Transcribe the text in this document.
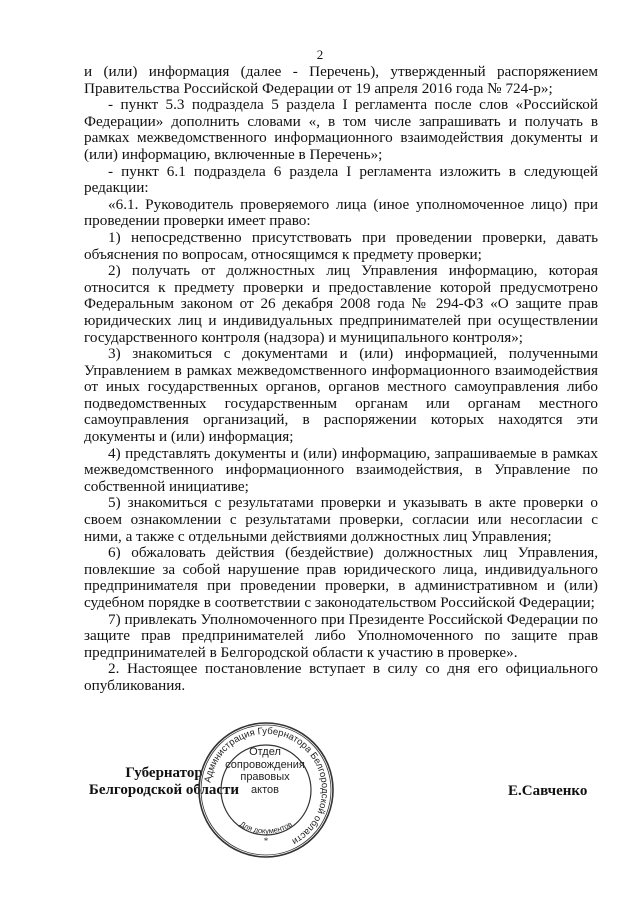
2

и (или) информация (далее - Перечень), утвержденный распоряжением Правительства Российской Федерации от 19 апреля 2016 года № 724-р»;

- пункт 5.3 подраздела 5 раздела I регламента после слов «Российской Федерации» дополнить словами «, в том числе запрашивать и получать в рамках межведомственного информационного взаимодействия документы и (или) информацию, включенные в Перечень»;

- пункт 6.1 подраздела 6 раздела I регламента изложить в следующей редакции:

«6.1. Руководитель проверяемого лица (иное уполномоченное лицо) при проведении проверки имеет право:

1) непосредственно присутствовать при проведении проверки, давать объяснения по вопросам, относящимся к предмету проверки;

2) получать от должностных лиц Управления информацию, которая относится к предмету проверки и предоставление которой предусмотрено Федеральным законом от 26 декабря 2008 года № 294-ФЗ «О защите прав юридических лиц и индивидуальных предпринимателей при осуществлении государственного контроля (надзора) и муниципального контроля»;

3) знакомиться с документами и (или) информацией, полученными Управлением в рамках межведомственного информационного взаимодействия от иных государственных органов, органов местного самоуправления либо подведомственных государственным органам или органам местного самоуправления организаций, в распоряжении которых находятся эти документы и (или) информация;

4) представлять документы и (или) информацию, запрашиваемые в рамках межведомственного информационного взаимодействия, в Управление по собственной инициативе;

5) знакомиться с результатами проверки и указывать в акте проверки о своем ознакомлении с результатами проверки, согласии или несогласии с ними, а также с отдельными действиями должностных лиц Управления;

6) обжаловать действия (бездействие) должностных лиц Управления, повлекшие за собой нарушение прав юридического лица, индивидуального предпринимателя при проведении проверки, в административном и (или) судебном порядке в соответствии с законодательством Российской Федерации;

7) привлекать Уполномоченного при Президенте Российской Федерации по защите прав предпринимателей либо Уполномоченного по защите прав предпринимателей в Белгородской области к участию в проверке».

2. Настоящее постановление вступает в силу со дня его официального опубликования.

Губернатор
Белгородской области
Администрация Губернатора Белгородской области
Для документов
*
Отдел
сопровождения
правовых
актов	Е.Савченко
